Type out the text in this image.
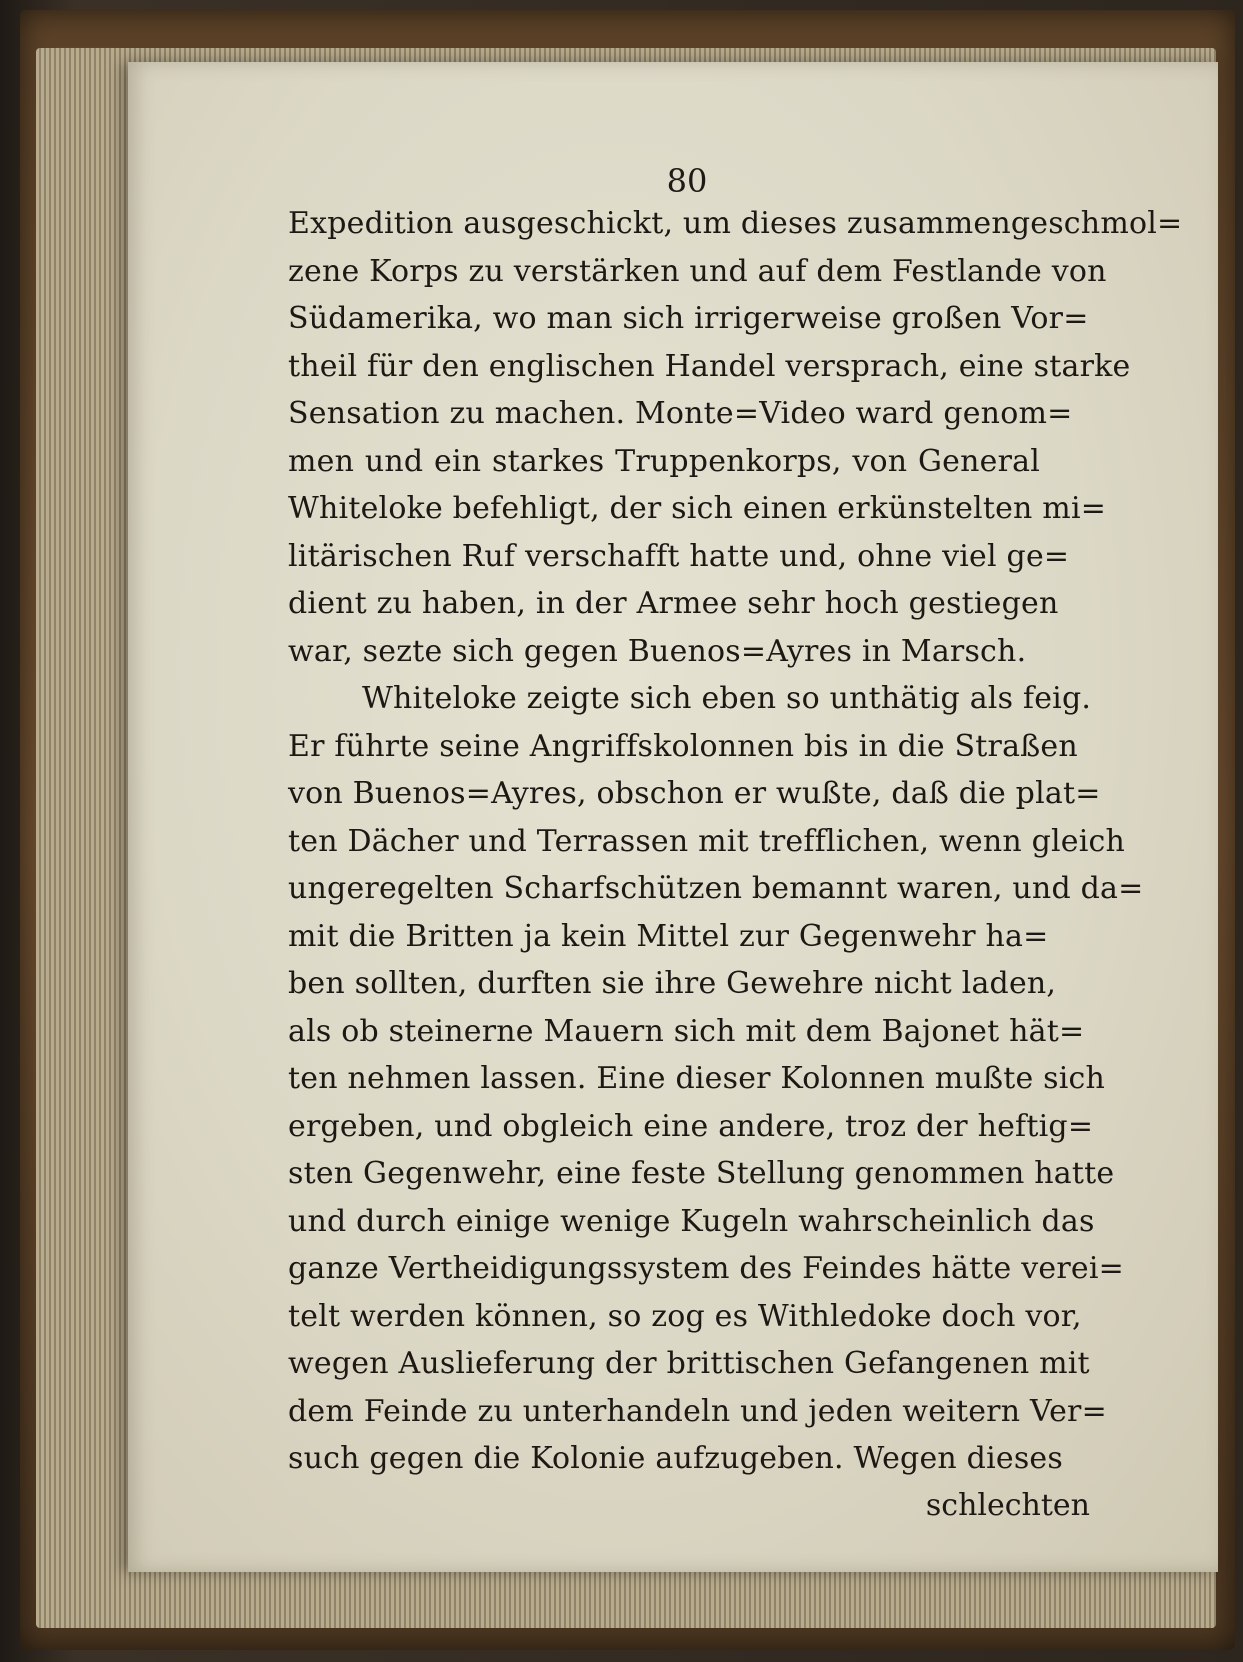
80
Expedition ausgeschickt, um dieses zusammengeschmol=
zene Korps zu verstärken und auf dem Festlande von
Südamerika, wo man sich irrigerweise großen Vor=
theil für den englischen Handel versprach, eine starke
Sensation zu machen. Monte=Video ward genom=
men und ein starkes Truppenkorps, von General
Whiteloke befehligt, der sich einen erkünstelten mi=
litärischen Ruf verschafft hatte und, ohne viel ge=
dient zu haben, in der Armee sehr hoch gestiegen
war, sezte sich gegen Buenos=Ayres in Marsch.
Whiteloke zeigte sich eben so unthätig als feig.
Er führte seine Angriffskolonnen bis in die Straßen
von Buenos=Ayres, obschon er wußte, daß die plat=
ten Dächer und Terrassen mit trefflichen, wenn gleich
ungeregelten Scharfschützen bemannt waren, und da=
mit die Britten ja kein Mittel zur Gegenwehr ha=
ben sollten, durften sie ihre Gewehre nicht laden,
als ob steinerne Mauern sich mit dem Bajonet hät=
ten nehmen lassen. Eine dieser Kolonnen mußte sich
ergeben, und obgleich eine andere, troz der heftig=
sten Gegenwehr, eine feste Stellung genommen hatte
und durch einige wenige Kugeln wahrscheinlich das
ganze Vertheidigungssystem des Feindes hätte verei=
telt werden können, so zog es Withledoke doch vor,
wegen Auslieferung der brittischen Gefangenen mit
dem Feinde zu unterhandeln und jeden weitern Ver=
such gegen die Kolonie aufzugeben. Wegen dieses
schlechten
